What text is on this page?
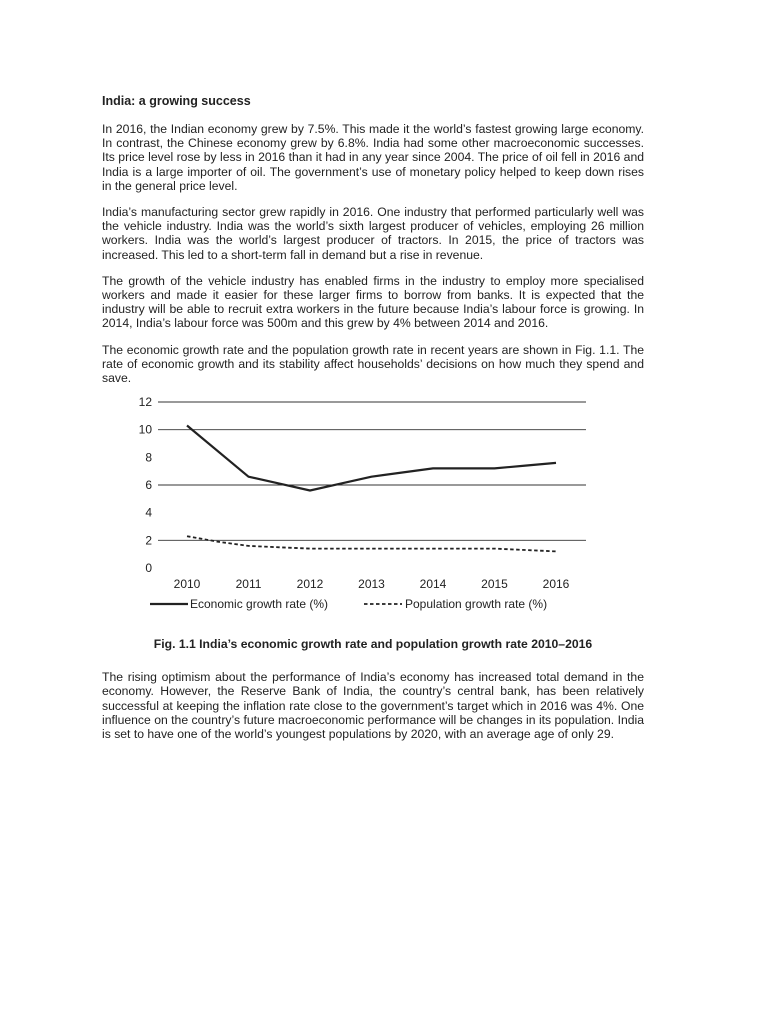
India: a growing success

In 2016, the Indian economy grew by 7.5%. This made it the world’s fastest growing large economy. In contrast, the Chinese economy grew by 6.8%. India had some other macroeconomic successes. Its price level rose by less in 2016 than it had in any year since 2004. The price of oil fell in 2016 and India is a large importer of oil. The government’s use of monetary policy helped to keep down rises in the general price level.

India’s manufacturing sector grew rapidly in 2016. One industry that performed particularly well was the vehicle industry. India was the world’s sixth largest producer of vehicles, employing 26 million workers. India was the world’s largest producer of tractors. In 2015, the price of tractors was increased. This led to a short-term fall in demand but a rise in revenue.

The growth of the vehicle industry has enabled firms in the industry to employ more specialised workers and made it easier for these larger firms to borrow from banks. It is expected that the industry will be able to recruit extra workers in the future because India’s labour force is growing. In 2014, India’s labour force was 500m and this grew by 4% between 2014 and 2016.

The economic growth rate and the population growth rate in recent years are shown in Fig. 1.1. The rate of economic growth and its stability affect households’ decisions on how much they spend and save.

0
2
4
6
8
10
12
2010	2011	2012	2013	2014	2015	2016
Economic growth rate (%)	Population growth rate (%)
Fig. 1.1 India’s economic growth rate and population growth rate 2010–2016

The rising optimism about the performance of India’s economy has increased total demand in the economy. However, the Reserve Bank of India, the country’s central bank, has been relatively successful at keeping the inflation rate close to the government’s target which in 2016 was 4%. One influence on the country’s future macroeconomic performance will be changes in its population. India is set to have one of the world’s youngest populations by 2020, with an average age of only 29.
